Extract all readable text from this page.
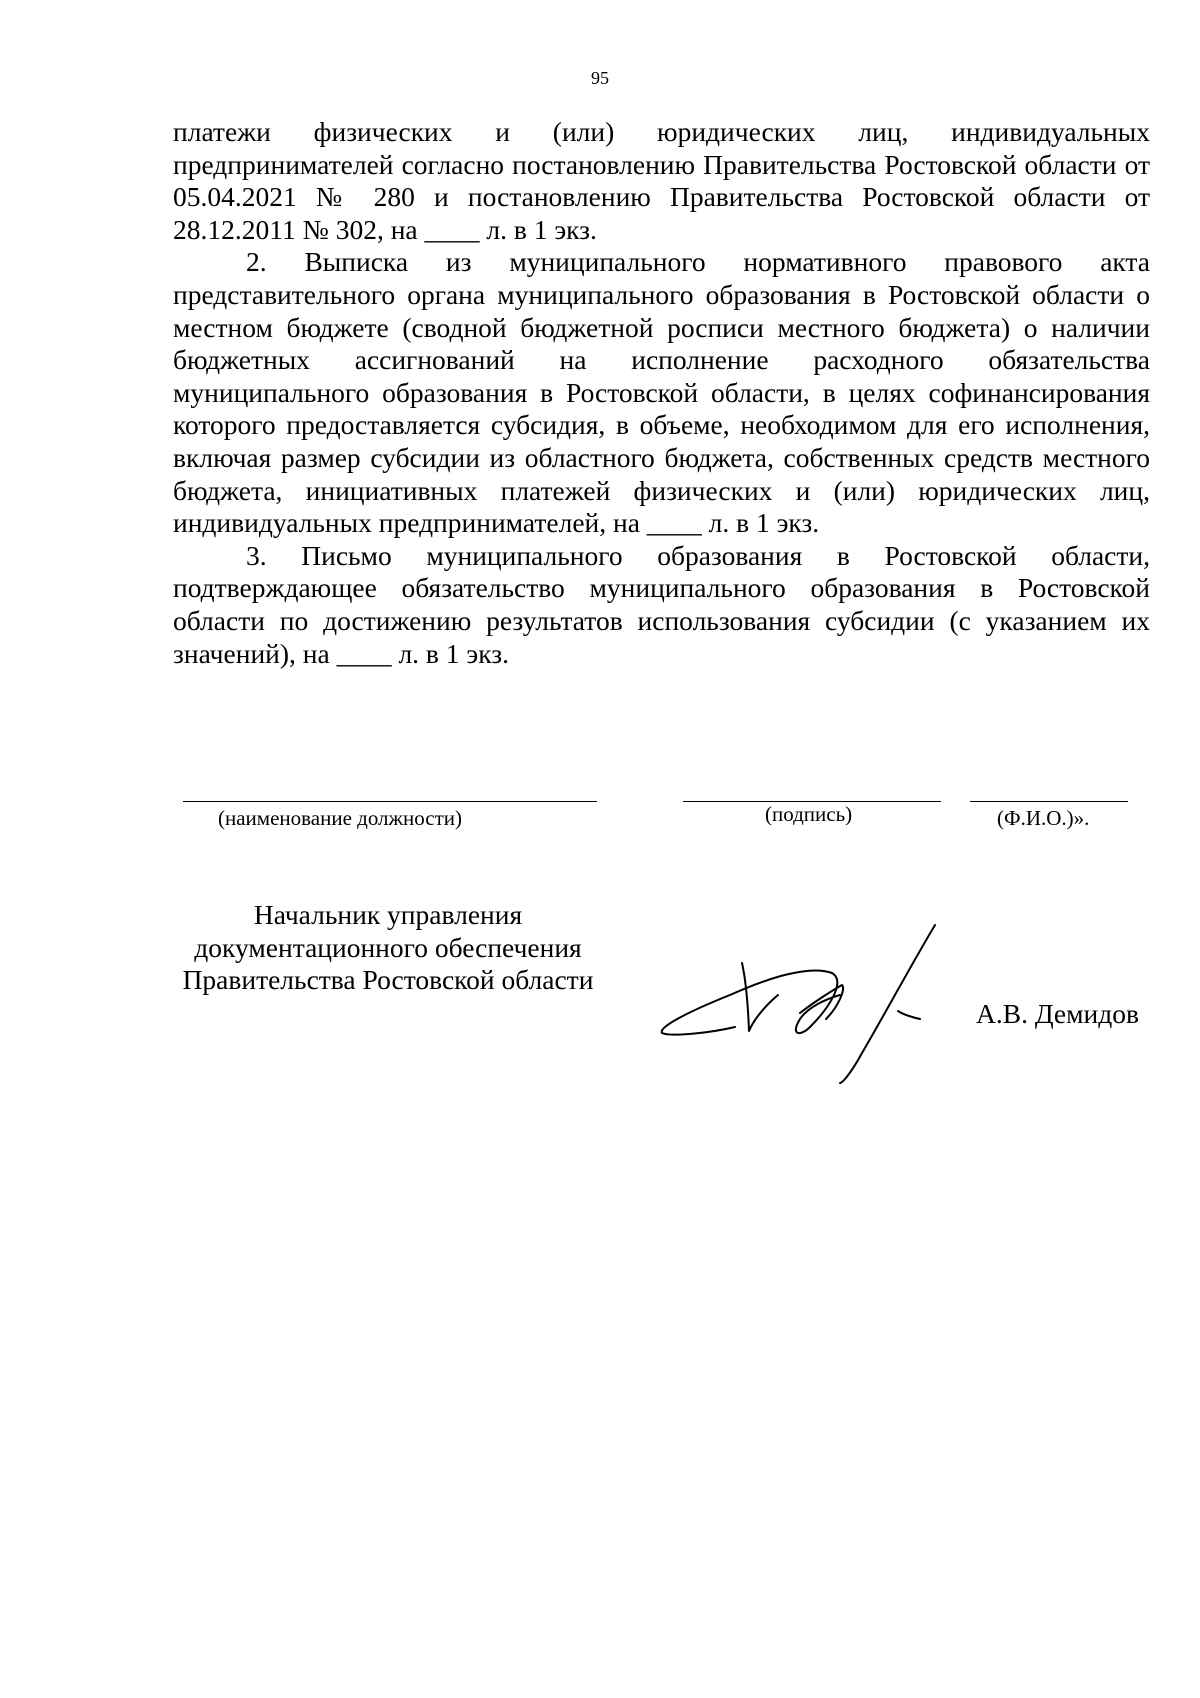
95

платежи физических и (или) юридических лиц, индивидуальных предпринимателей согласно постановлению Правительства Ростовской области от 05.04.2021 № 280 и постановлению Правительства Ростовской области от 28.12.2011 № 302, на ____ л. в 1 экз.

2. Выписка из муниципального нормативного правового акта представительного органа муниципального образования в Ростовской области о местном бюджете (сводной бюджетной росписи местного бюджета) о наличии бюджетных ассигнований на исполнение расходного обязательства муниципального образования в Ростовской области, в целях софинансирования которого предоставляется субсидия, в объеме, необходимом для его исполнения, включая размер субсидии из областного бюджета, собственных средств местного бюджета, инициативных платежей физических и (или) юридических лиц, индивидуальных предпринимателей, на ____ л. в 1 экз.

3. Письмо муниципального образования в Ростовской области, подтверждающее обязательство муниципального образования в Ростовской области по достижению результатов использования субсидии (с указанием их значений), на ____ л. в 1 экз.

(наименование должности)	(подпись)	(Ф.И.О.)».
Начальник управления
документационного обеспечения
Правительства Ростовской области
А.В. Демидов
